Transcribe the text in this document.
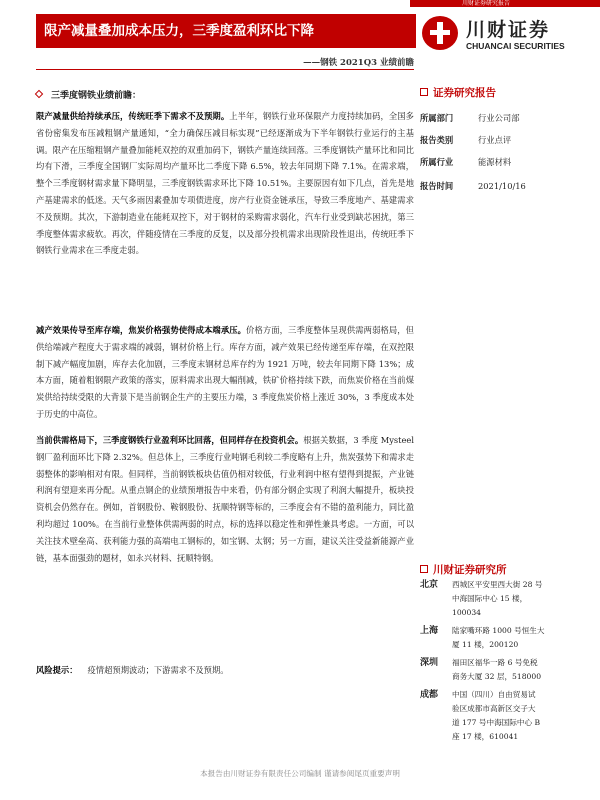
川财证券研究报告
限产减量叠加成本压力，三季度盈利环比下降	川财证券
CHUANCAI SECURITIES
——钢铁 2021Q3 业绩前瞻
三季度钢铁业绩前瞻：
限产减量供给持续承压，传统旺季下需求不及预期。上半年，钢铁行业环保限产力度持续加码，全国多省份密集发布压减粗钢产量通知，“全力确保压减目标实现”已经逐渐成为下半年钢铁行业运行的主基调。限产在压缩粗钢产量叠加能耗双控的双重加码下，钢铁产量连续回落。三季度钢铁产量环比和同比均有下滑，三季度全国钢厂实际周均产量环比二季度下降 6.5%，较去年同期下降 7.1%。在需求端，整个三季度钢材需求量下降明显，三季度钢铁需求环比下降 10.51%。主要原因有如下几点，首先是地产基建需求的低迷。天气多雨因素叠加专项债进度，房产行业资金链承压，导致三季度地产、基建需求不及预期。其次，下游制造业在能耗双控下，对于钢材的采购需求弱化，汽车行业受到缺芯困扰，第三季度整体需求疲软。再次，伴随疫情在三季度的反复，以及部分投机需求出现阶段性退出，传统旺季下钢铁行业需求在三季度走弱。
减产效果传导至库存端，焦炭价格强势使得成本端承压。价格方面，三季度整体呈现供需两弱格局，但供给端减产程度大于需求端的减弱，钢材价格上行。库存方面，减产效果已经传递至库存端，在双控限制下减产幅度加剧，库存去化加剧，三季度末钢材总库存约为 1921 万吨，较去年同期下降 13%；成本方面，随着粗钢限产政策的落实，原料需求出现大幅削减，铁矿价格持续下跌，而焦炭价格在当前煤炭供给持续受限的大背景下是当前钢企生产的主要压力端，3 季度焦炭价格上涨近 30%，3 季度成本处于历史的中高位。
当前供需格局下，三季度钢铁行业盈利环比回落，但同样存在投资机会。根据关数据，3 季度 Mysteel 钢厂盈利面环比下降 2.32%。但总体上，三季度行业吨钢毛利较二季度略有上升，焦炭强势下和需求走弱整体的影响相对有限。但同样，当前钢铁板块估值仍相对较低，行业利润中枢有望得到提振，产业链利润有望迎来再分配。从重点钢企的业绩预增报告中来看，仍有部分钢企实现了利润大幅提升，板块投资机会仍然存在。例如，首钢股份、鞍钢股份、抚顺特钢等标的，三季度会有不错的盈利能力，同比盈利均超过 100%。在当前行业整体供需两弱的时点，标的选择以稳定性和弹性兼具考虑。一方面，可以关注技术壁垒高、获利能力强的高端电工钢标的，如宝钢、太钢；另一方面，建议关注受益新能源产业链，基本面强劲的题材，如永兴材料、抚顺特钢。
风险提示： 疫情超预期波动；下游需求不及预期。
证券研究报告
所属部门	行业公司部
报告类别	行业点评
所属行业	能源材料
报告时间	2021/10/16
川财证券研究所
北京 西城区平安里西大街 28 号
中海国际中心 15 楼，
100034
上海 陆家嘴环路 1000 号恒生大
厦 11 楼，200120
深圳 福田区福华一路 6 号免税
商务大厦 32 层，518000
成都 中国（四川）自由贸易试
验区成都市高新区交子大
道 177 号中海国际中心 B
座 17 楼，610041
本报告由川财证券有限责任公司编制 谨请参阅尾页重要声明
